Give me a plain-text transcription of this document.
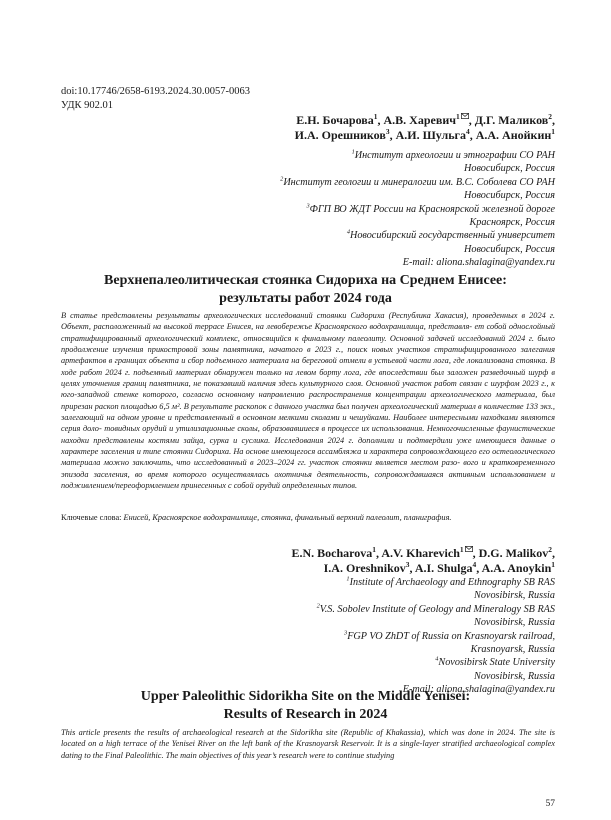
doi:10.17746/2658-6193.2024.30.0057-0063
УДК 902.01
Е.Н. Бочарова$^1$, А.В. Харевич$^1$ , Д.Г. Маликов$^2$,
И.А. Орешников$^3$, А.И. Шульга$^4$, А.А. Анойкин$^1$
$^1$Институт археологии и этнографии СО РАН
Новосибирск, Россия
$^2$Институт геологии и минералогии им. В.С. Соболева СО РАН
Новосибирск, Россия
$^3$ФГП ВО ЖДТ России на Красноярской железной дороге
Красноярск, Россия
$^4$Новосибирский государственный университет
Новосибирск, Россия
E-mail: aliona.shalagina@yandex.ru
Верхнепалеолитическая стоянка Сидориха на Среднем Енисее:
результаты работ 2024 года

В статье представлены результаты археологических исследований стоянки Сидориха (Республика Хакасия), проведенных в 2024 г. Объект, расположенный на высокой террасе Енисея, на левобережье Красноярского водохранилища, представля- ет собой однослойный стратифицированный археологический комплекс, относящийся к финальному палеолиту. Основной задачей исследований 2024 г. было продолжение изучения прикостровой зоны памятника, начатого в 2023 г., поиск новых участков стратифицированного залегания артефактов в границах объекта и сбор подъемного материала на береговой отмели в устьевой части лога, где локализована стоянка. В ходе работ 2024 г. подъемный материал обнаружен только на левом борту лога, где впоследствии был заложен разведочный шурф в целях уточнения границ памятника, не показавший наличия здесь культурного слоя. Основной участок работ связан с шурфом 2023 г., к юго-западной стенке которого, согласно основному направлению распространения концентрации археологического материала, был прирезан раскоп площадью 6,5 м². В результате раскопок с данного участка был получен археологический материал в количестве 133 экз., залегающий на одном уровне и представленный в основном мелкими сколами и чешуйками. Наиболее интересными находками являются серия доло- товидных орудий и утилизационные сколы, образовавшиеся в процессе их использования. Немногочисленные фаунистические находки представлены костями зайца, сурка и суслика. Исследования 2024 г. дополнили и подтвердили уже имеющиеся данные о характере заселения и типе стоянки Сидориха. На основе имеющегося ассамбляжа и характера сопровождающего его остеологического материала можно заключить, что исследованный в 2023–2024 гг. участок стоянки является местом разо- вого и кратковременного эпизода заселения, во время которого осуществлялась охотничья деятельность, сопровождавшаяся активным использованием и подживлением/переоформлением принесенных с собой орудий определенных типов.

Ключевые слова: Енисей, Красноярское водохранилище, стоянка, финальный верхний палеолит, планиграфия.
E.N. Bocharova$^1$, A.V. Kharevich$^1$ , D.G. Malikov$^2$,
I.A. Oreshnikov$^3$, A.I. Shulga$^4$, A.A. Anoykin$^1$
$^1$Institute of Archaeology and Ethnography SB RAS
Novosibirsk, Russia
$^2$V.S. Sobolev Institute of Geology and Mineralogy SB RAS
Novosibirsk, Russia
$^3$FGP VO ZhDT of Russia on Krasnoyarsk railroad,
Krasnoyarsk, Russia
$^4$Novosibirsk State University
Novosibirsk, Russia
E-mail: aliona.shalagina@yandex.ru
Upper Paleolithic Sidorikha Site on the Middle Yenisei:
Results of Research in 2024

This article presents the results of archaeological research at the Sidorikha site (Republic of Khakassia), which was done in 2024. The site is located on a high terrace of the Yenisei River on the left bank of the Krasnoyarsk Reservoir. It is a single-layer stratified archaeological complex dating to the Final Paleolithic. The main objectives of this year’s research were to continue studying

57
